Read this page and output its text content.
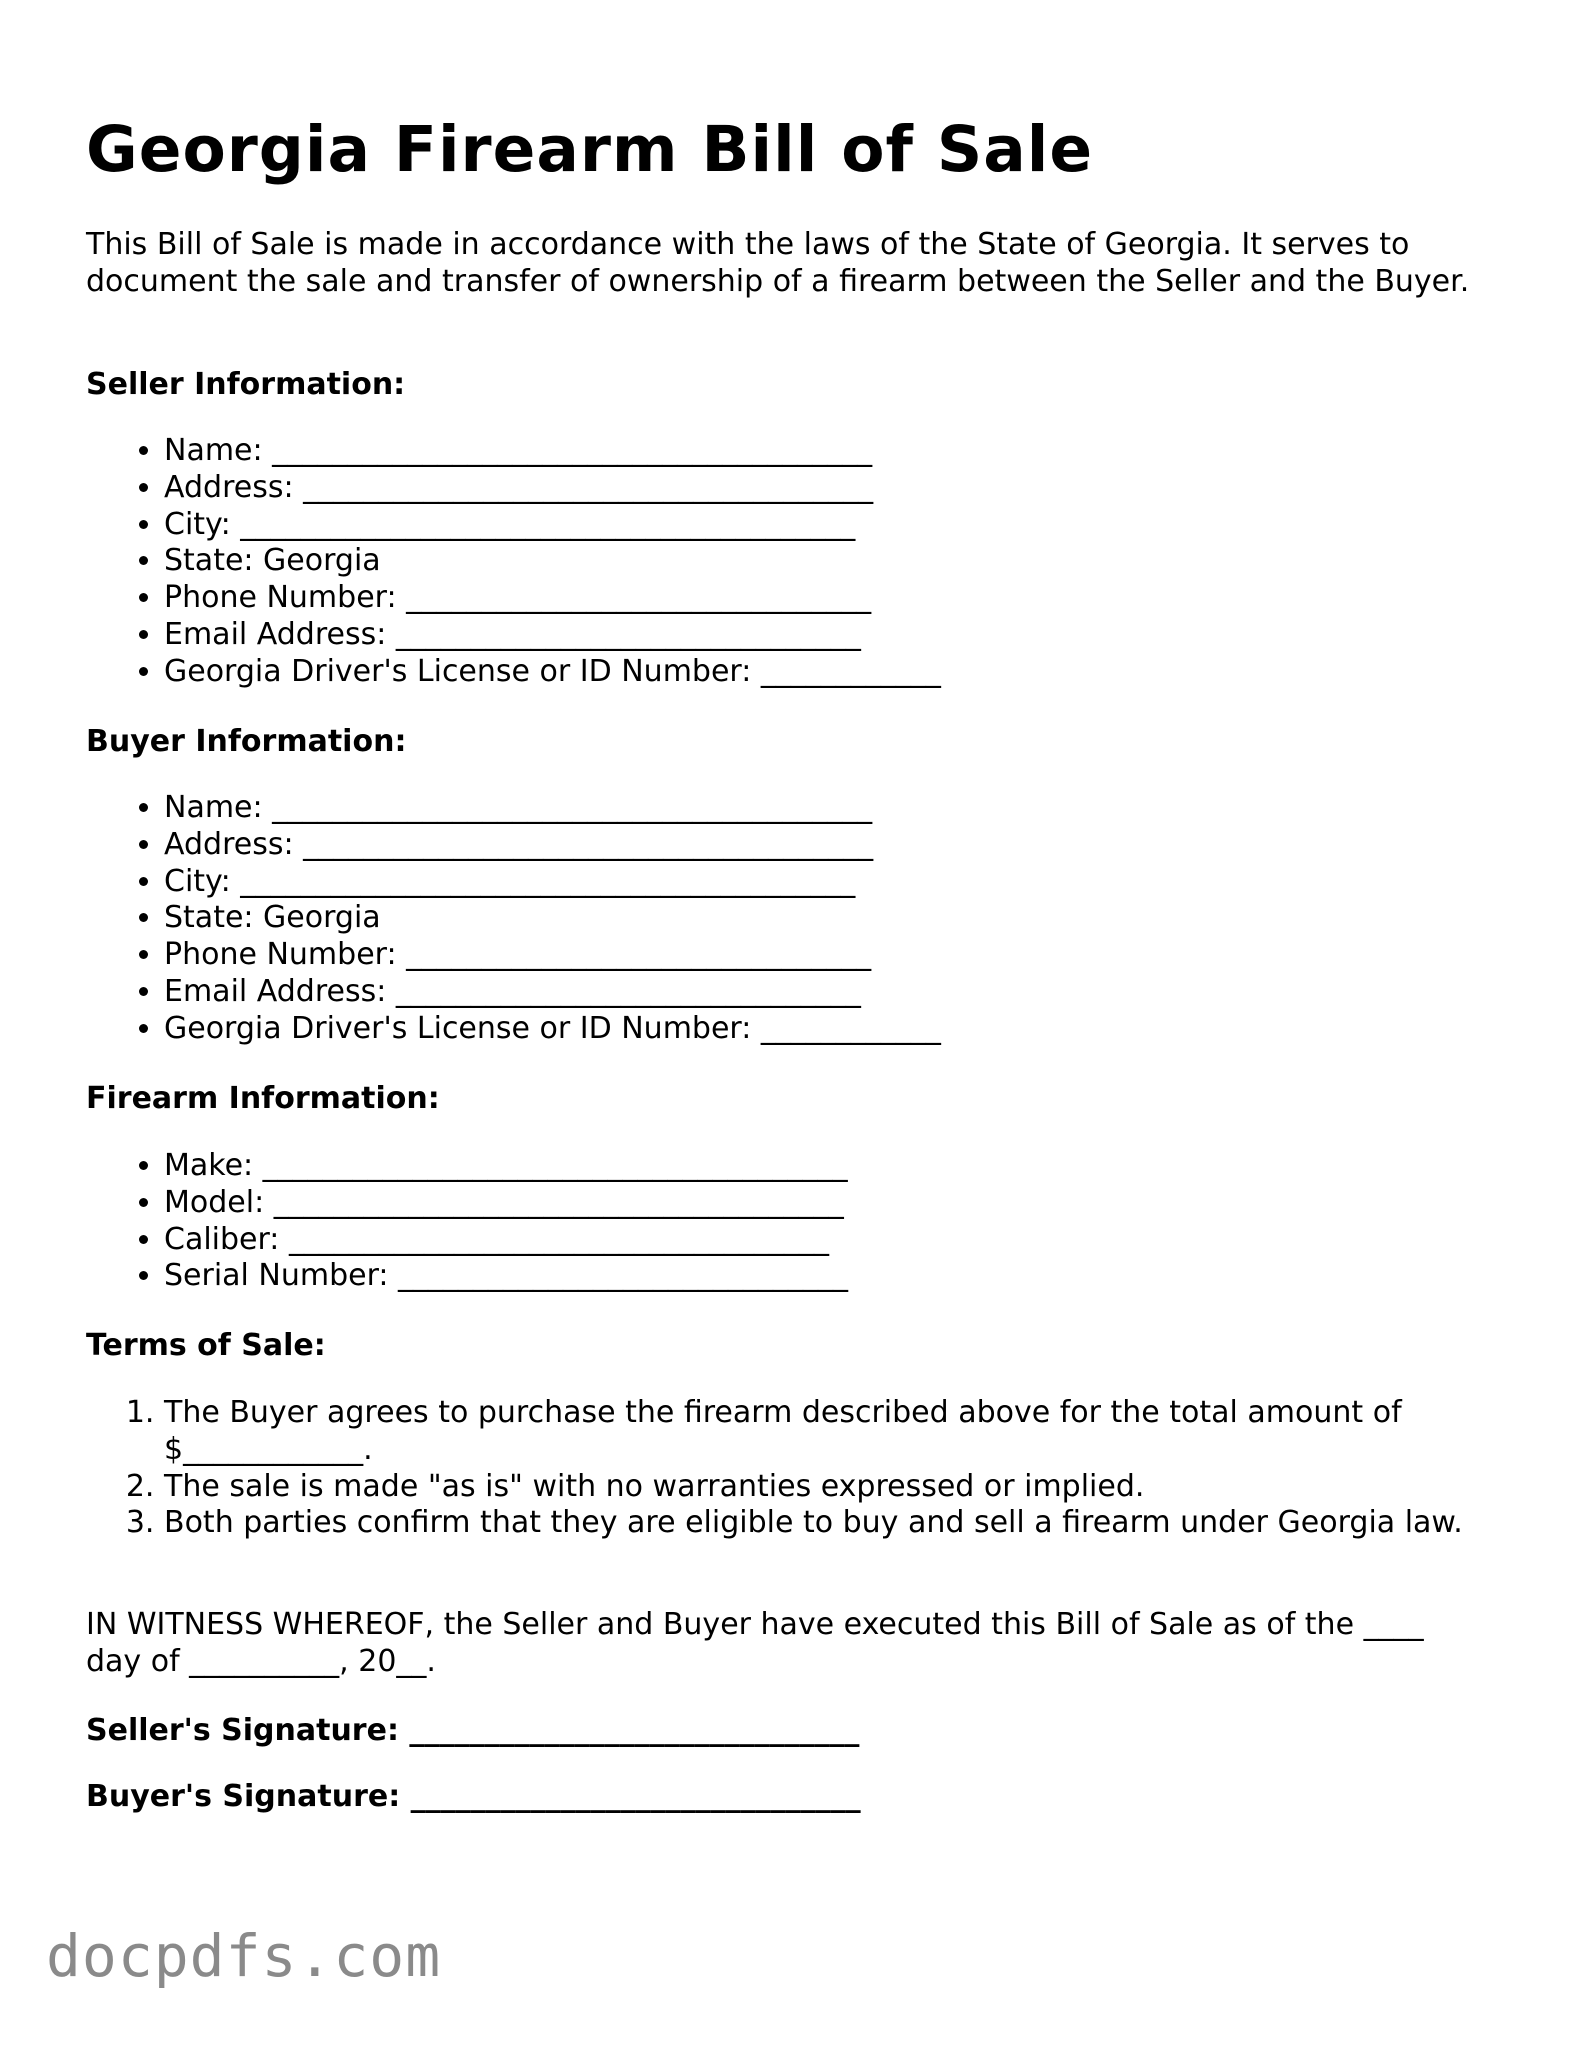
Georgia Firearm Bill of Sale

This Bill of Sale is made in accordance with the laws of the State of Georgia. It serves to document the sale and transfer of ownership of a firearm between the Seller and the Buyer.

Seller Information:

• Name: ________________________________________
• Address: ______________________________________
• City: _________________________________________
• State: Georgia
• Phone Number: _______________________________
• Email Address: _______________________________
• Georgia Driver's License or ID Number: ____________

Buyer Information:

• Name: ________________________________________
• Address: ______________________________________
• City: _________________________________________
• State: Georgia
• Phone Number: _______________________________
• Email Address: _______________________________
• Georgia Driver's License or ID Number: ____________

Firearm Information:

• Make: _______________________________________
• Model: ______________________________________
• Caliber: ____________________________________
• Serial Number: ______________________________

Terms of Sale:

1. The Buyer agrees to purchase the firearm described above for the total amount of $____________.
2. The sale is made "as is" with no warranties expressed or implied.
3. Both parties confirm that they are eligible to buy and sell a firearm under Georgia law.

IN WITNESS WHEREOF, the Seller and Buyer have executed this Bill of Sale as of the ____ day of __________, 20__.

Seller's Signature: ______________________________

Buyer's Signature: ______________________________

docpdfs.com
